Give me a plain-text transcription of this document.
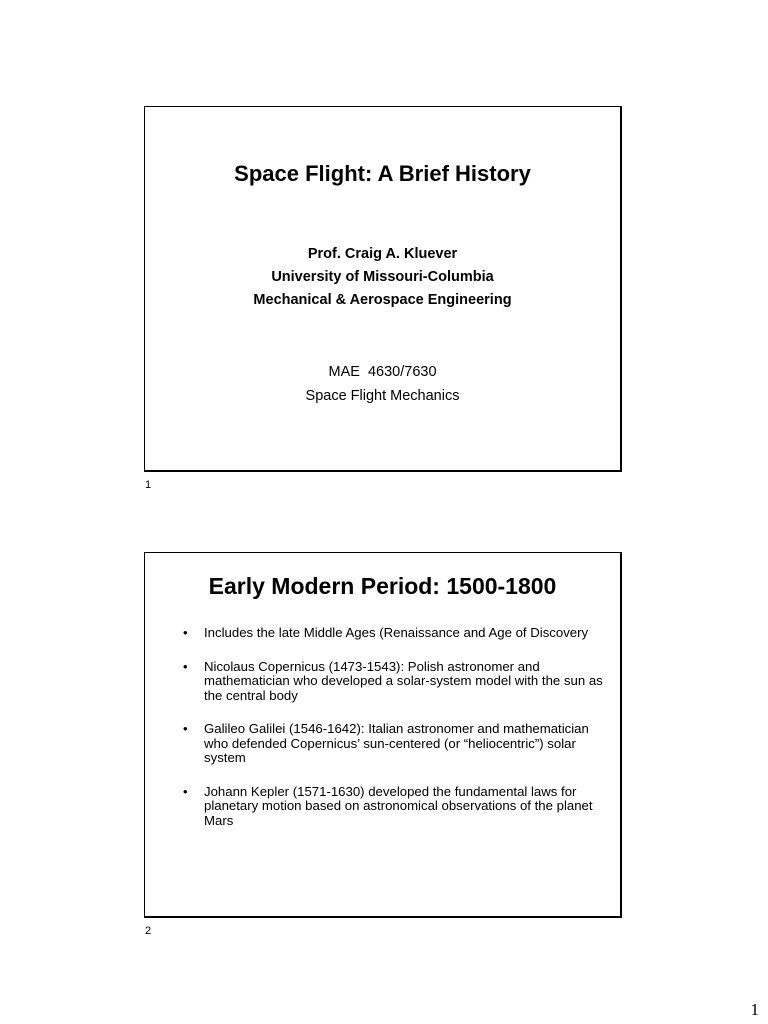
Space Flight: A Brief History
Prof. Craig A. Kluever
University of Missouri-Columbia
Mechanical & Aerospace Engineering
MAE  4630/7630
Space Flight Mechanics
1
Early Modern Period: 1500-1800
• Includes the late Middle Ages (Renaissance and Age of Discovery
• Nicolaus Copernicus (1473-1543): Polish astronomer and mathematician who developed a solar-system model with the sun as the central body
• Galileo Galilei (1546-1642): Italian astronomer and mathematician who defended Copernicus’ sun-centered (or “heliocentric”) solar system
• Johann Kepler (1571-1630) developed the fundamental laws for planetary motion based on astronomical observations of the planet Mars
2
1
